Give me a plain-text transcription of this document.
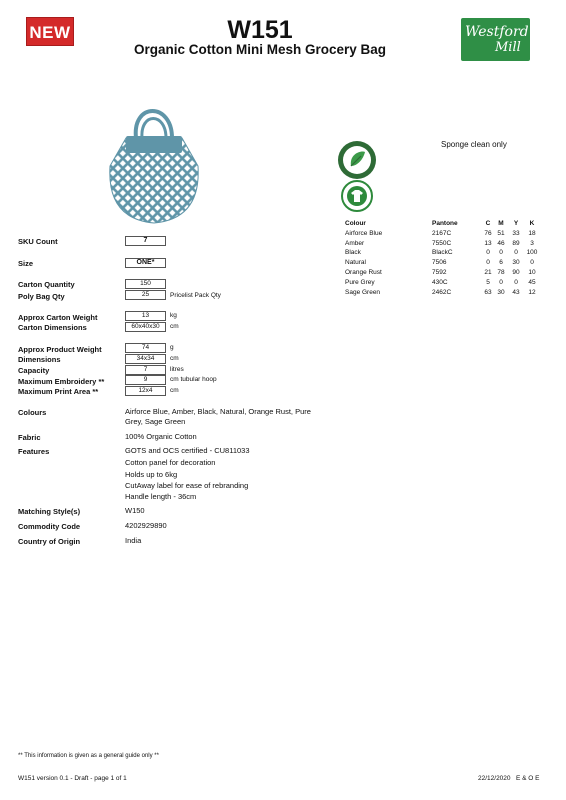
NEW	W151
Organic Cotton Mini Mesh Grocery Bag
Westford
Mill
Sponge clean only
Colour	Pantone	C M Y	K
Airforce Blue	2167C	76 51 33	18
Amber	7550C	13 46 89	3
Black	BlackC	0	0	0	100
Natural	7506	0	6	30	0
Orange Rust	7592	21 78 90	10
Pure Grey	430C	5	0	0	45
Sage Green	2462C	63 30 43	12
SKU Count	7
Size	ONE*
Carton Quantity	150
Poly Bag Qty	25	Pricelist Pack Qty
Approx Carton Weight	13	kg
Carton Dimensions	60x40x30	cm
Approx Product Weight	74	g
Dimensions	34x34	cm
Capacity	7	litres
Maximum Embroidery **	9	cm tubular hoop
Maximum Print Area **	12x4	cm
Colours	Airforce Blue, Amber, Black, Natural, Orange Rust, Pure Grey, Sage Green
Fabric	100% Organic Cotton
Features	GOTS and OCS certified - CU811033
Cotton panel for decoration
Holds up to 6kg
CutAway label for ease of rebranding
Handle length - 36cm
Matching Style(s)	W150
Commodity Code	4202929890
Country of Origin	India
** This information is given as a general guide only **
W151 version 0.1 - Draft - page 1 of 1	22/12/2020 E & O E
